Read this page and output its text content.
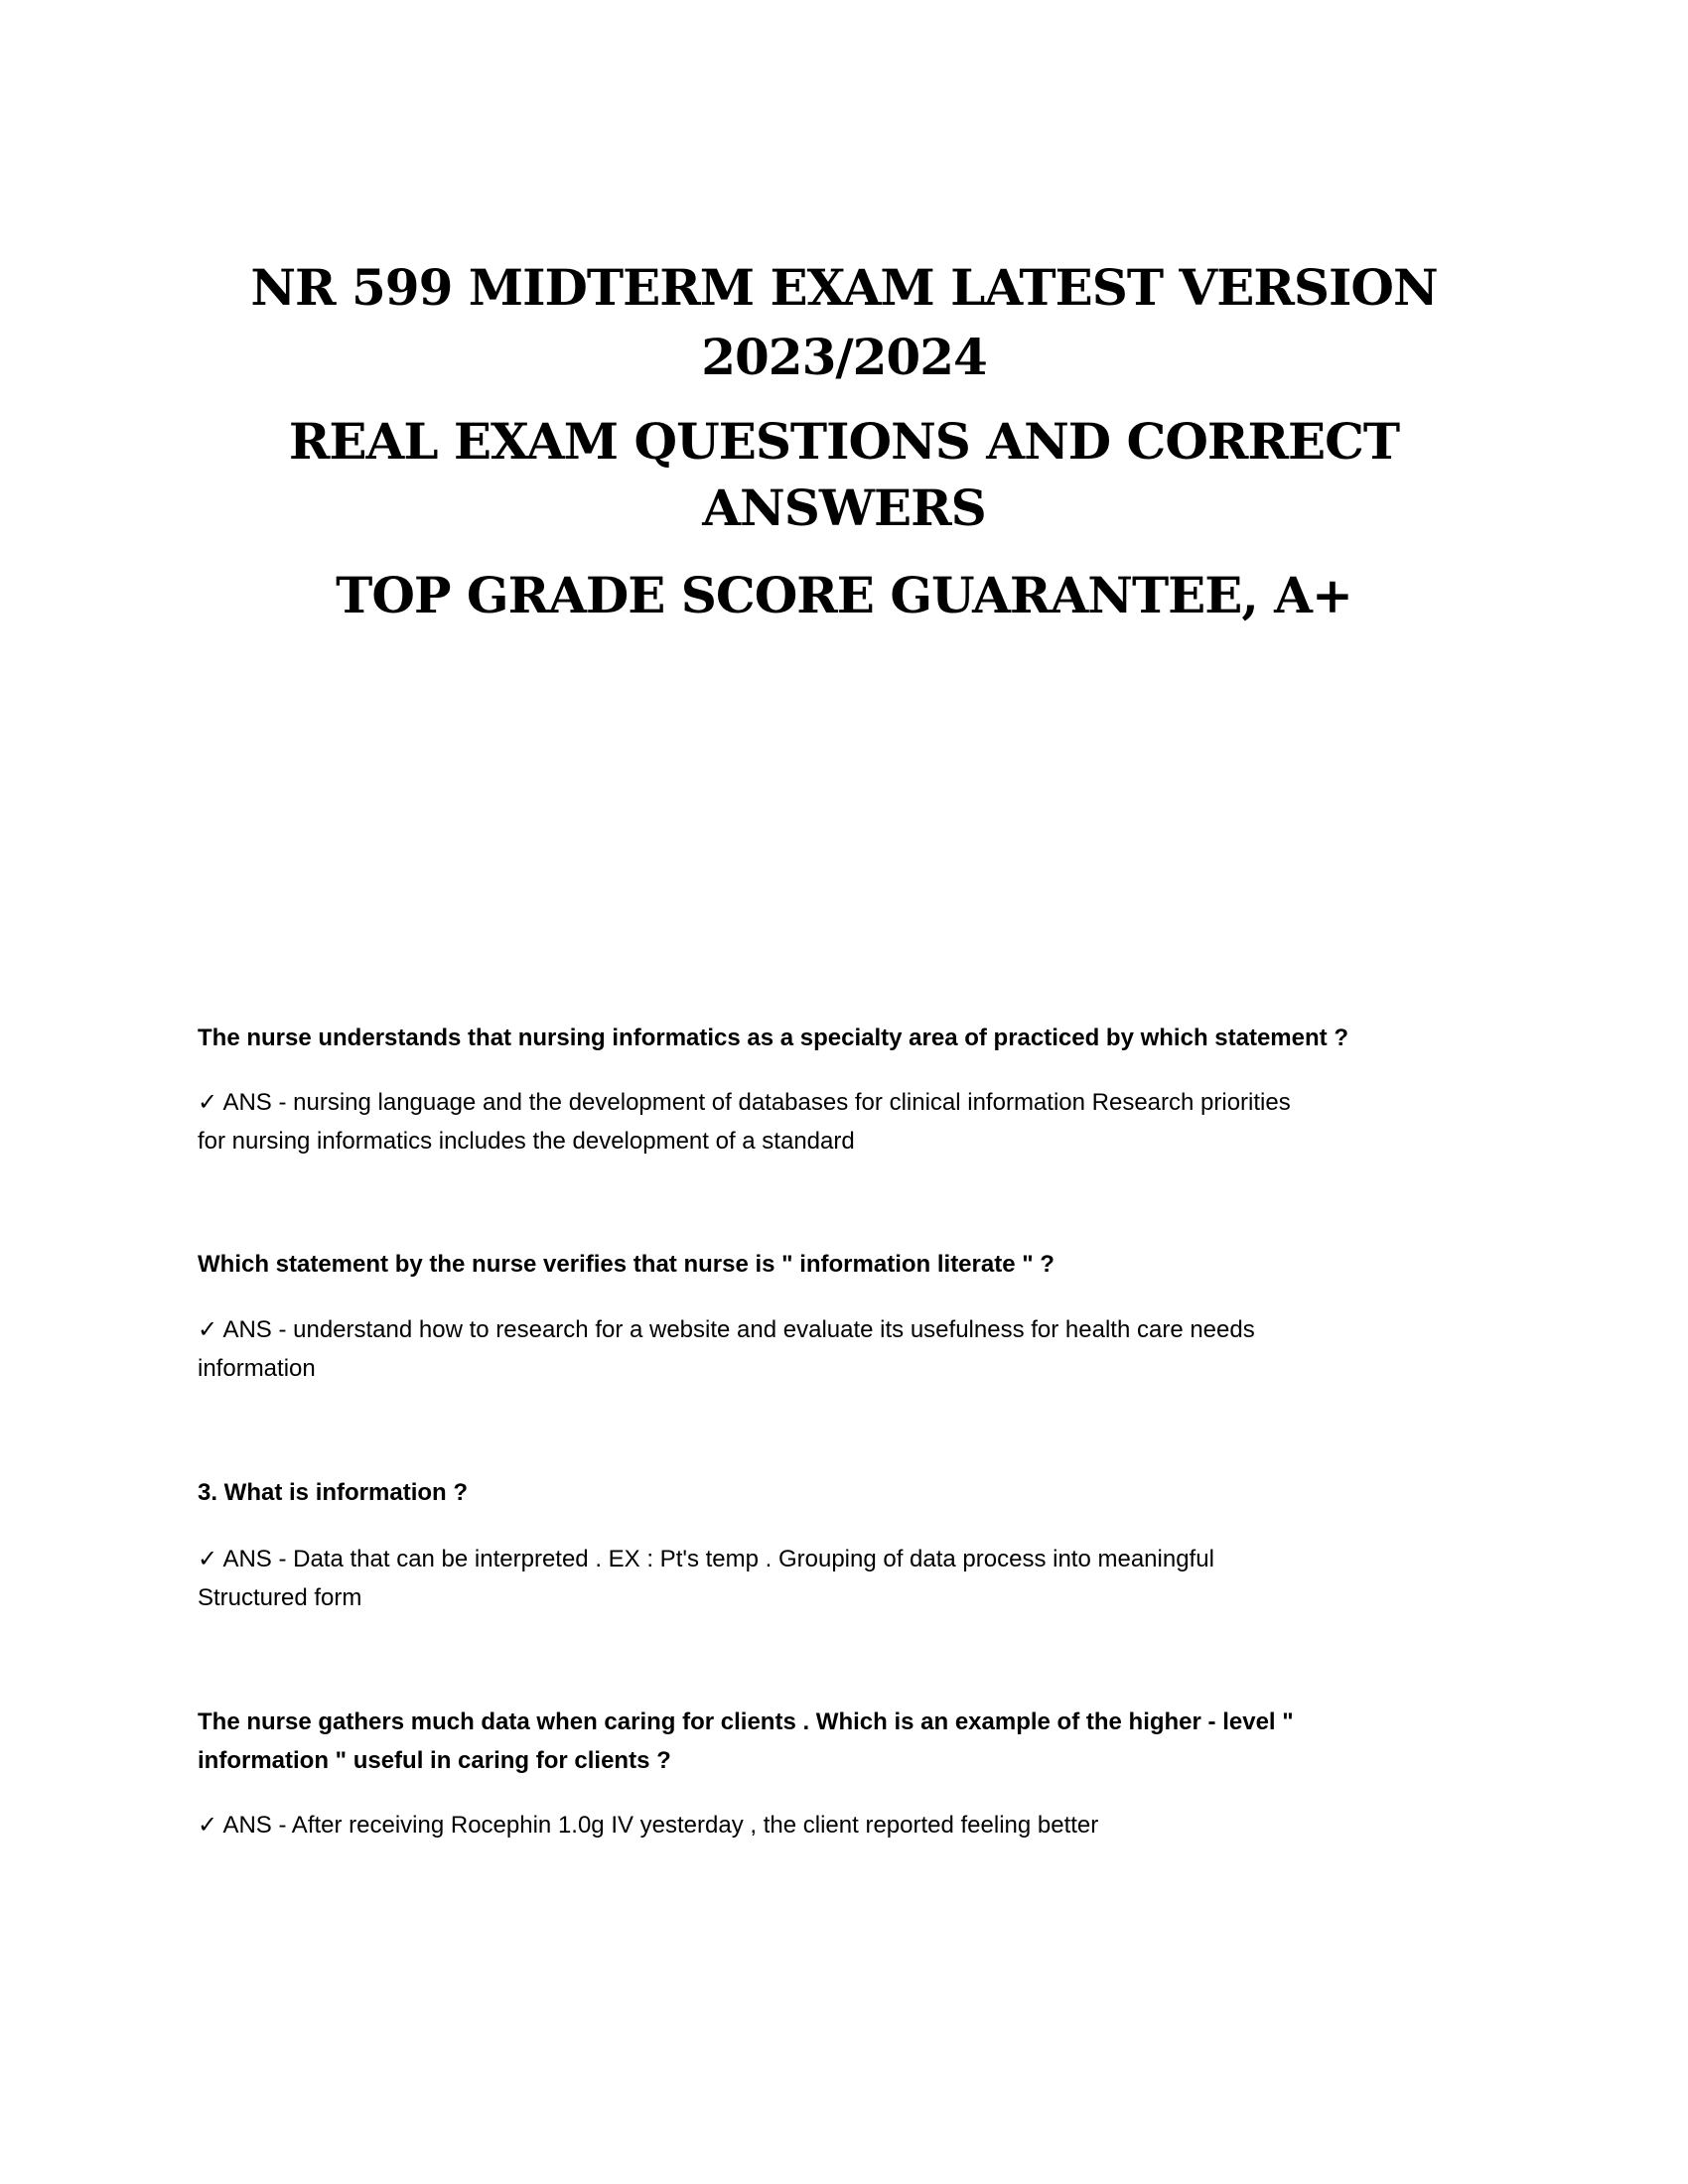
NR 599 MIDTERM EXAM LATEST VERSION
2023/2024
REAL EXAM QUESTIONS AND CORRECT
ANSWERS
TOP GRADE SCORE GUARANTEE, A+
The nurse understands that nursing informatics as a specialty area of practiced by which statement ?
✓ ANS - nursing language and the development of databases for clinical information Research priorities
for nursing informatics includes the development of a standard
Which statement by the nurse verifies that nurse is " information literate " ?
✓ ANS - understand how to research for a website and evaluate its usefulness for health care needs
information
3. What is information ?
✓ ANS - Data that can be interpreted . EX : Pt's temp . Grouping of data process into meaningful
Structured form
The nurse gathers much data when caring for clients . Which is an example of the higher - level "
information " useful in caring for clients ?
✓ ANS - After receiving Rocephin 1.0g IV yesterday , the client reported feeling better
